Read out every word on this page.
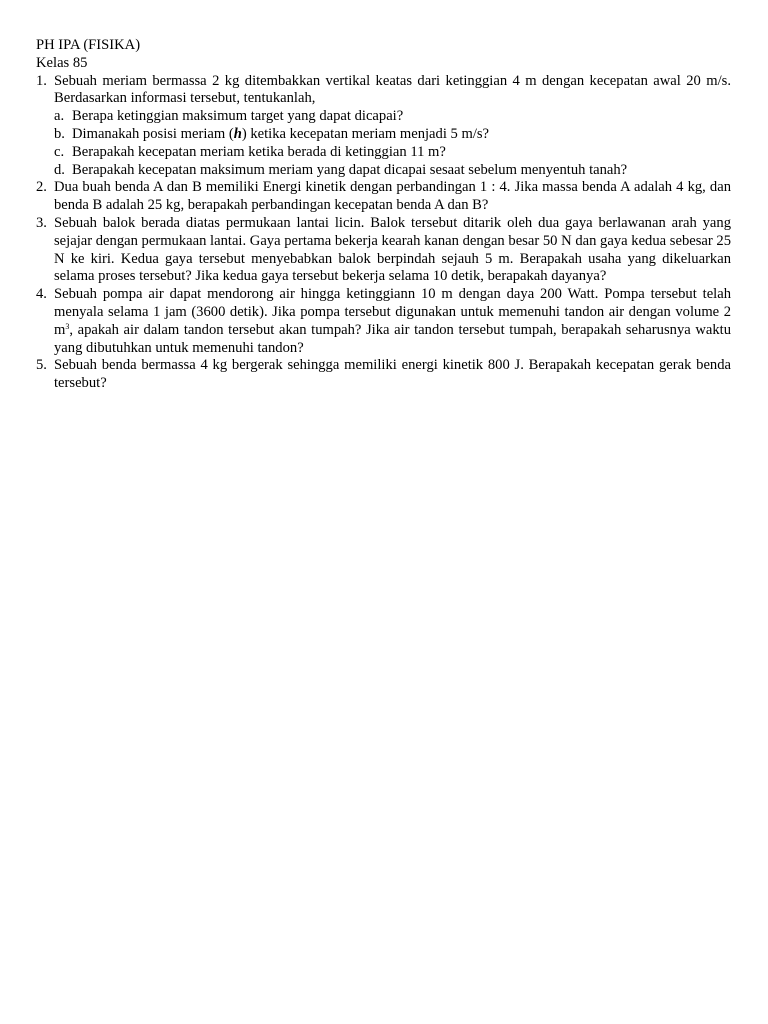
PH IPA (FISIKA)
Kelas 85
1. Sebuah meriam bermassa 2 kg ditembakkan vertikal keatas dari ketinggian 4 m dengan kecepatan awal 20 m/s. Berdasarkan informasi tersebut, tentukanlah,
a. Berapa ketinggian maksimum target yang dapat dicapai?
b. Dimanakah posisi meriam (h) ketika kecepatan meriam menjadi 5 m/s?
c. Berapakah kecepatan meriam ketika berada di ketinggian 11 m?
d. Berapakah kecepatan maksimum meriam yang dapat dicapai sesaat sebelum menyentuh tanah?
2. Dua buah benda A dan B memiliki Energi kinetik dengan perbandingan 1 : 4. Jika massa benda A adalah 4 kg, dan benda B adalah 25 kg, berapakah perbandingan kecepatan benda A dan B?
3. Sebuah balok berada diatas permukaan lantai licin. Balok tersebut ditarik oleh dua gaya berlawanan arah yang sejajar dengan permukaan lantai. Gaya pertama bekerja kearah kanan dengan besar 50 N dan gaya kedua sebesar 25 N ke kiri. Kedua gaya tersebut menyebabkan balok berpindah sejauh 5 m. Berapakah usaha yang dikeluarkan selama proses tersebut? Jika kedua gaya tersebut bekerja selama 10 detik, berapakah dayanya?
4. Sebuah pompa air dapat mendorong air hingga ketinggiann 10 m dengan daya 200 Watt. Pompa tersebut telah menyala selama 1 jam (3600 detik). Jika pompa tersebut digunakan untuk memenuhi tandon air dengan volume 2 $m^3$, apakah air dalam tandon tersebut akan tumpah? Jika air tandon tersebut tumpah, berapakah seharusnya waktu yang dibutuhkan untuk memenuhi tandon?
5. Sebuah benda bermassa 4 kg bergerak sehingga memiliki energi kinetik 800 J. Berapakah kecepatan gerak benda tersebut?
